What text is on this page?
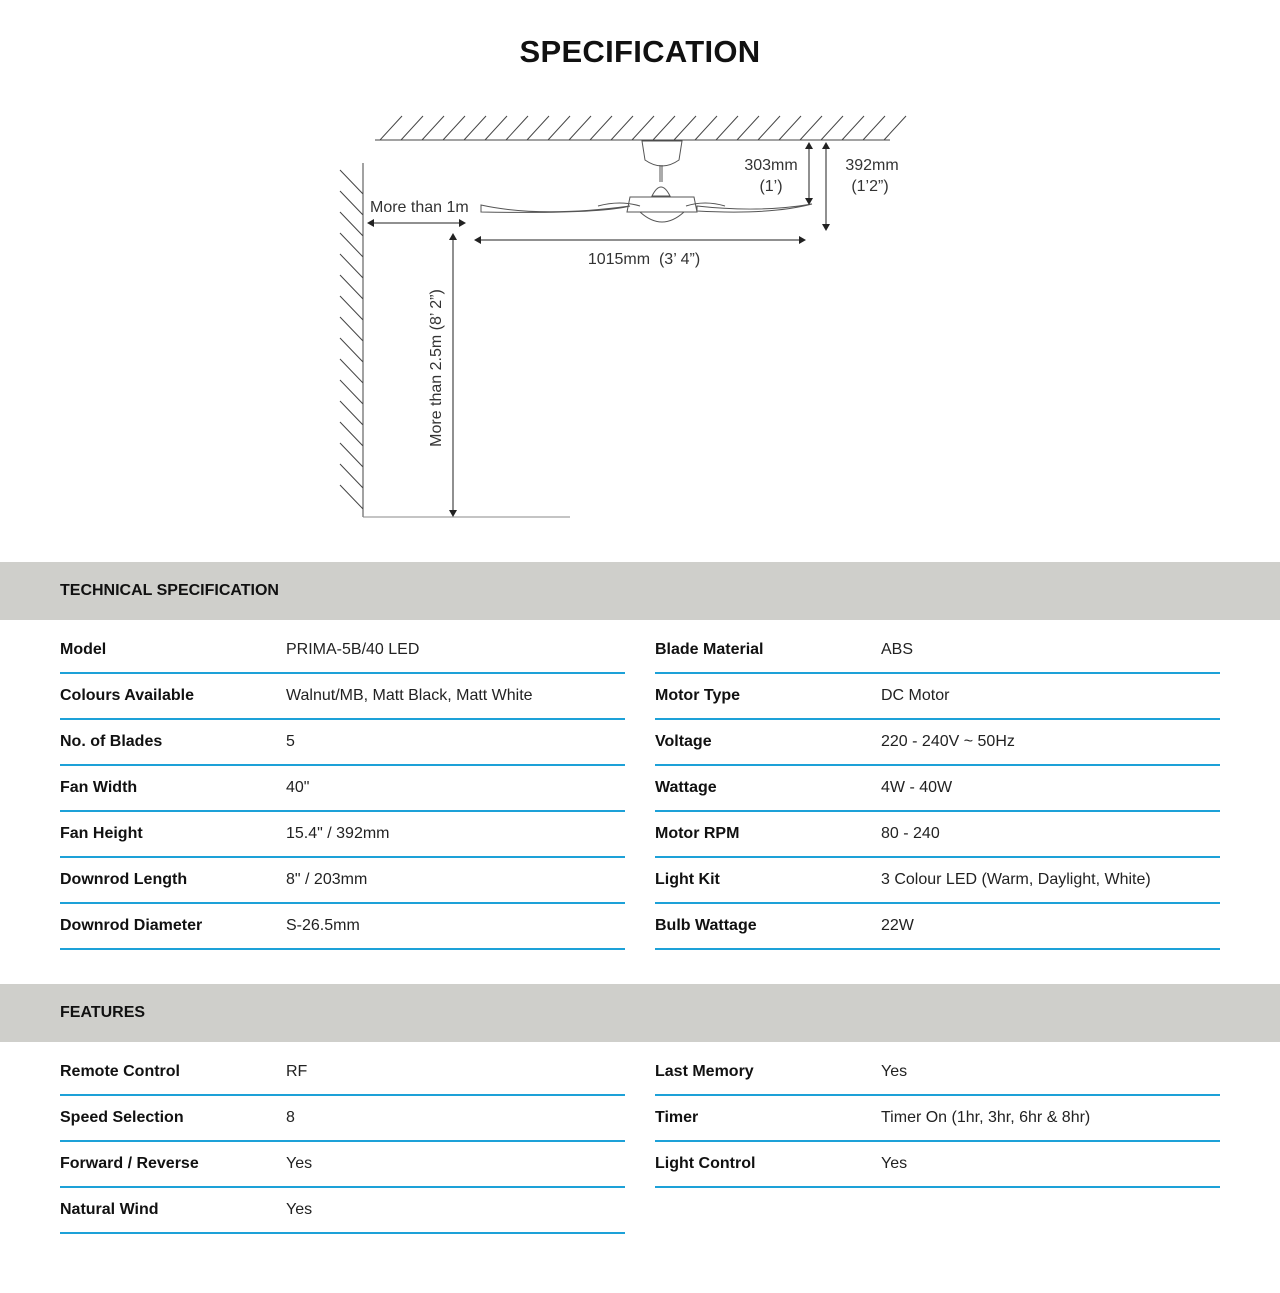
SPECIFICATION
303mm
(1’)
392mm
(1’2”)
More than 1m
1015mm  (3’ 4”)
More than 2.5m (8’ 2”)
TECHNICAL SPECIFICATION
Model	PRIMA-5B/40 LED
Colours Available	Walnut/MB, Matt Black, Matt White
No. of Blades	5
Fan Width	40"
Fan Height	15.4" / 392mm
Downrod Length	8" / 203mm
Downrod Diameter	S-26.5mm
Blade Material	ABS
Motor Type	DC Motor
Voltage	220 - 240V ~ 50Hz
Wattage	4W - 40W
Motor RPM	80 - 240
Light Kit	3 Colour LED (Warm, Daylight, White)
Bulb Wattage	22W
FEATURES
Remote Control	RF
Speed Selection	8
Forward / Reverse	Yes
Natural Wind	Yes
Last Memory	Yes
Timer	Timer On (1hr, 3hr, 6hr & 8hr)
Light Control	Yes
